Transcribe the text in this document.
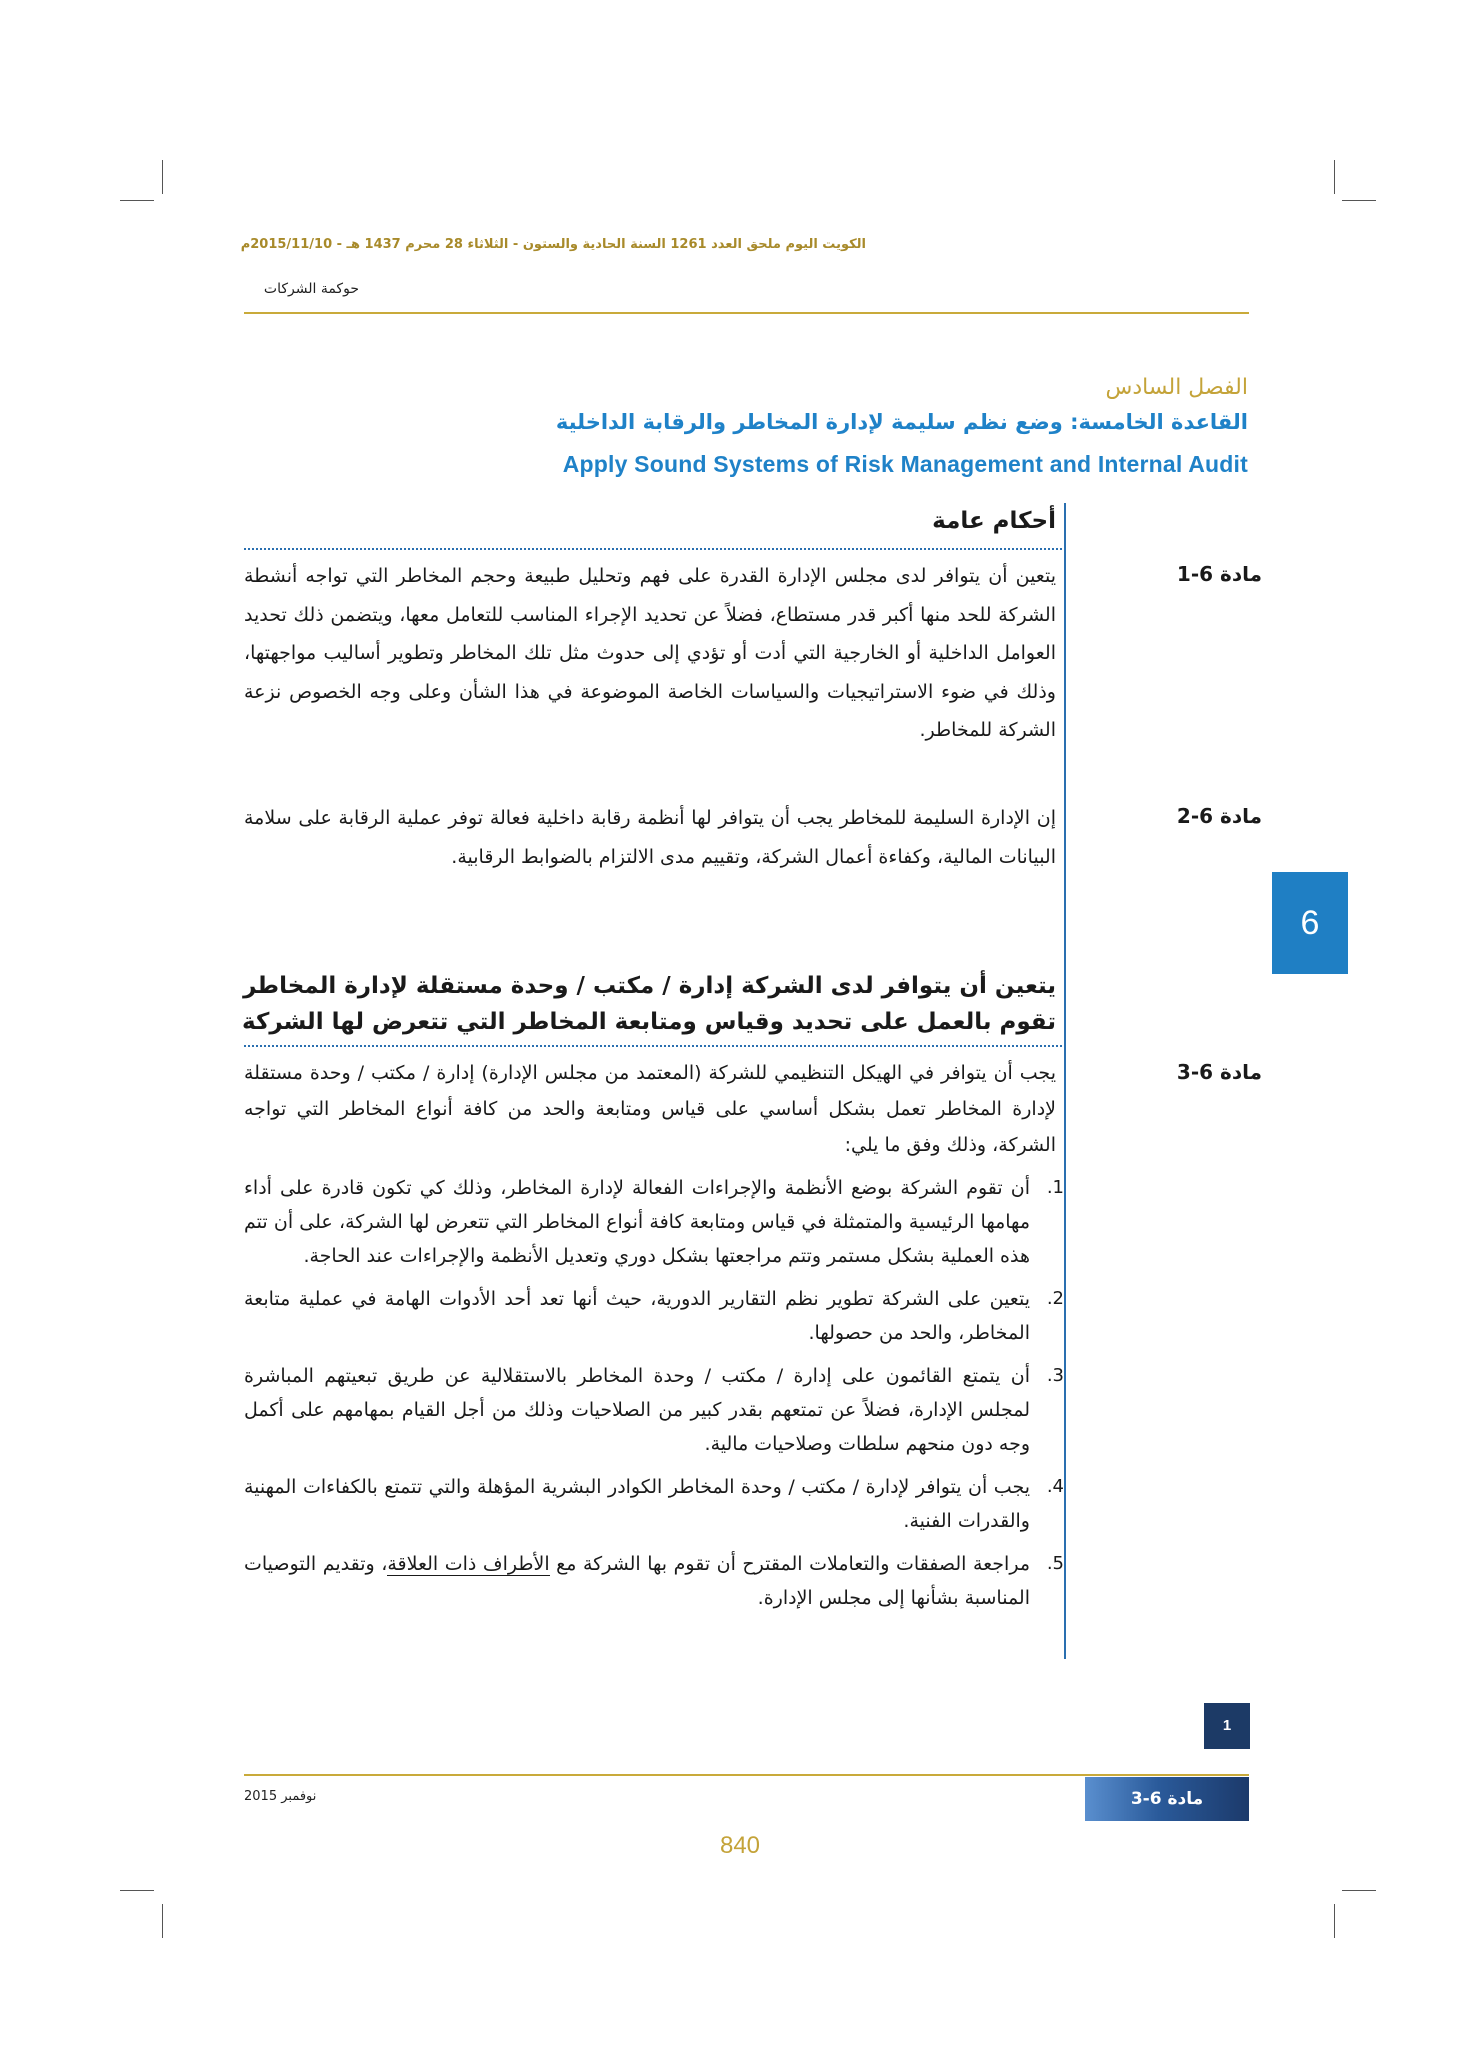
الكويت اليوم ملحق العدد 1261 السنة الحادية والستون - الثلاثاء 28 محرم 1437 هـ - 2015/11/10م
حوكمة الشركات
الفصل السادس
القاعدة الخامسة: وضع نظم سليمة لإدارة المخاطر والرقابة الداخلية
Apply Sound Systems of Risk Management and Internal Audit
أحكام عامة
مادة 6-1
يتعين أن يتوافر لدى مجلس الإدارة القدرة على فهم وتحليل طبيعة وحجم المخاطر التي تواجه أنشطة الشركة للحد منها أكبر قدر مستطاع، فضلاً عن تحديد الإجراء المناسب للتعامل معها، ويتضمن ذلك تحديد العوامل الداخلية أو الخارجية التي أدت أو تؤدي إلى حدوث مثل تلك المخاطر وتطوير أساليب مواجهتها، وذلك في ضوء الاستراتيجيات والسياسات الخاصة الموضوعة في هذا الشأن وعلى وجه الخصوص نزعة الشركة للمخاطر.
مادة 6-2
إن الإدارة السليمة للمخاطر يجب أن يتوافر لها أنظمة رقابة داخلية فعالة توفر عملية الرقابة على سلامة البيانات المالية، وكفاءة أعمال الشركة، وتقييم مدى الالتزام بالضوابط الرقابية.
يتعين أن يتوافر لدى الشركة إدارة / مكتب / وحدة مستقلة لإدارة المخاطر تقوم بالعمل على تحديد وقياس ومتابعة المخاطر التي تتعرض لها الشركة
مادة 6-3
يجب أن يتوافر في الهيكل التنظيمي للشركة (المعتمد من مجلس الإدارة) إدارة / مكتب / وحدة مستقلة لإدارة المخاطر تعمل بشكل أساسي على قياس ومتابعة والحد من كافة أنواع المخاطر التي تواجه الشركة، وذلك وفق ما يلي:
1.
أن تقوم الشركة بوضع الأنظمة والإجراءات الفعالة لإدارة المخاطر، وذلك كي تكون قادرة على أداء مهامها الرئيسية والمتمثلة في قياس ومتابعة كافة أنواع المخاطر التي تتعرض لها الشركة، على أن تتم هذه العملية بشكل مستمر وتتم مراجعتها بشكل دوري وتعديل الأنظمة والإجراءات عند الحاجة.
2.
يتعين على الشركة تطوير نظم التقارير الدورية، حيث أنها تعد أحد الأدوات الهامة في عملية متابعة المخاطر، والحد من حصولها.
3.
أن يتمتع القائمون على إدارة / مكتب / وحدة المخاطر بالاستقلالية عن طريق تبعيتهم المباشرة لمجلس الإدارة، فضلاً عن تمتعهم بقدر كبير من الصلاحيات وذلك من أجل القيام بمهامهم على أكمل وجه دون منحهم سلطات وصلاحيات مالية.
4.
يجب أن يتوافر لإدارة / مكتب / وحدة المخاطر الكوادر البشرية المؤهلة والتي تتمتع بالكفاءات المهنية والقدرات الفنية.
5.
مراجعة الصفقات والتعاملات المقترح أن تقوم بها الشركة مع الأطراف ذات العلاقة، وتقديم التوصيات المناسبة بشأنها إلى مجلس الإدارة.
6
1
نوفمبر 2015	مادة 6-3
840
